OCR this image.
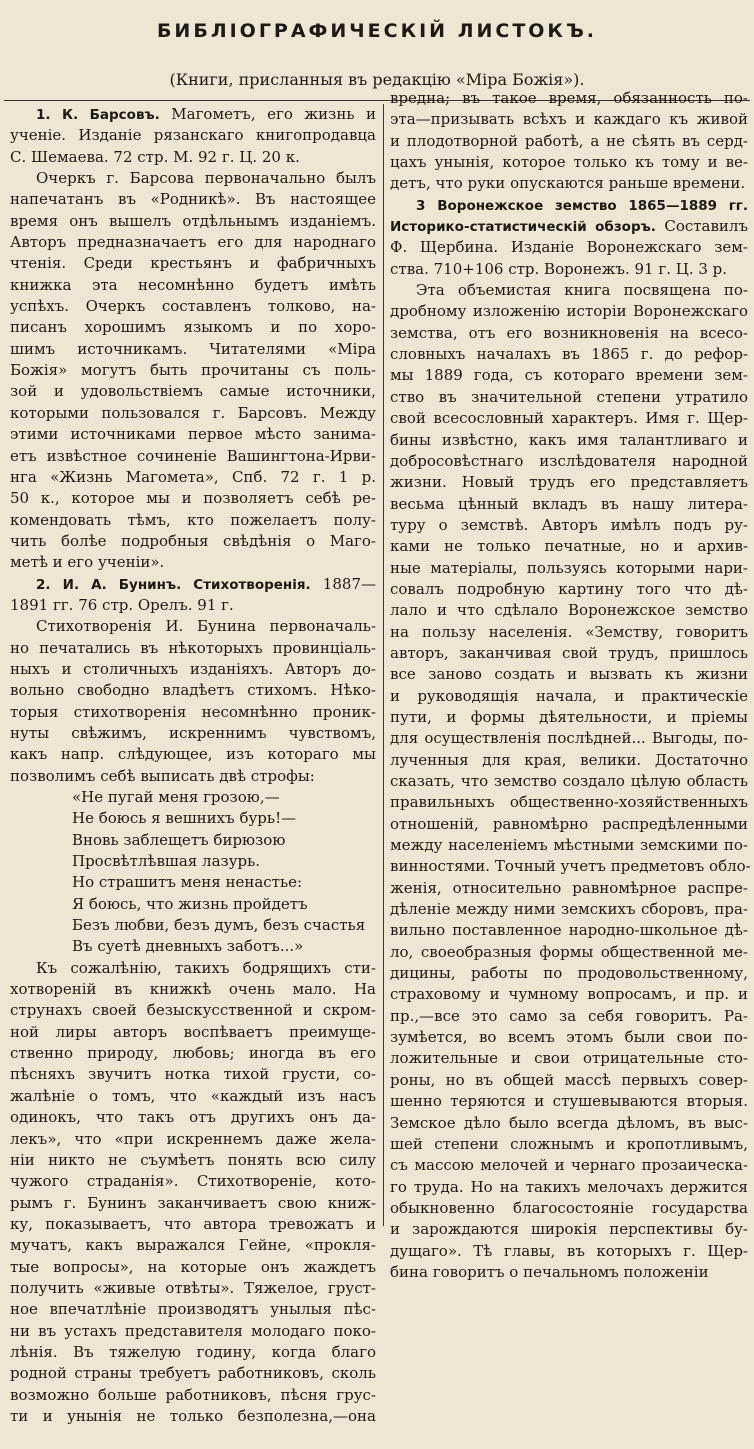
БИБЛІОГРАФИЧЕСКІЙ ЛИСТОКЪ.
(Книги, присланныя въ редакцію «Міра Божія»).
1. К. Барсовъ. Магометъ, его жизнь и
ученіе. Изданіе рязанскаго книгопродавца
С. Шемаева. 72 стр. М. 92 г. Ц. 20 к.
Очеркъ г. Барсова первоначально былъ
напечатанъ въ «Родникѣ». Въ настоящее
время онъ вышелъ отдѣльнымъ изданіемъ.
Авторъ предназначаетъ его для народнаго
чтенія. Среди крестьянъ и фабричныхъ
книжка эта несомнѣнно будетъ имѣть
успѣхъ. Очеркъ составленъ толково, на-
писанъ хорошимъ языкомъ и по хоро-
шимъ источникамъ. Читателями «Міра
Божія» могутъ быть прочитаны съ поль-
зой и удовольствіемъ самые источники,
которыми пользовался г. Барсовъ. Между
этими источниками первое мѣсто занима-
етъ извѣстное сочиненіе Вашингтона-Ирви-
нга «Жизнь Магомета», Спб. 72 г. 1 р.
50 к., которое мы и позволяетъ себѣ ре-
комендовать тѣмъ, кто пожелаетъ полу-
чить болѣе подробныя свѣдѣнія о Маго-
метѣ и его ученіи».
2. И. А. Бунинъ. Стихотворенія. 1887—
1891 гг. 76 стр. Орелъ. 91 г.
Стихотворенія И. Бунина первоначаль-
но печатались въ нѣкоторыхъ провинціаль-
ныхъ и столичныхъ изданіяхъ. Авторъ до-
вольно свободно владѣетъ стихомъ. Нѣко-
торыя стихотворенія несомнѣнно проник-
нуты свѣжимъ, искреннимъ чувствомъ,
какъ напр. слѣдующее, изъ котораго мы
позволимъ себѣ выписать двѣ строфы:
«Не пугай меня грозою,—
Не боюсь я вешнихъ бурь!—
Вновь заблещетъ бирюзою
Просвѣтлѣвшая лазурь.
Но страшитъ меня ненастье:
Я боюсь, что жизнь пройдетъ
Безъ любви, безъ думъ, безъ счастья
Въ суетѣ дневныхъ заботъ...»
Къ сожалѣнію, такихъ бодрящихъ сти-
хотвореній въ книжкѣ очень мало. На
струнахъ своей безыскусственной и скром-
ной лиры авторъ воспѣваетъ преимуще-
ственно природу, любовь; иногда въ его
пѣсняхъ звучитъ нотка тихой грусти, со-
жалѣніе о томъ, что «каждый изъ насъ
одинокъ, что такъ отъ другихъ онъ да-
лекъ», что «при искреннемъ даже желa-
ніи никто не съумѣетъ понять всю силу
чужого страданія». Стихотвореніе, кото-
рымъ г. Бунинъ заканчиваетъ свою книж-
ку, показываетъ, что автора тревожатъ и
мучатъ, какъ выражался Гейне, «прокля-
тые вопросы», на которые онъ жаждетъ
получить «живые отвѣты». Тяжелое, груст-
ное впечатлѣніе производятъ унылыя пѣс-
ни въ устахъ представителя молодаго поко-
лѣнія. Въ тяжелую годину, когда благо
родной страны требуетъ работниковъ, сколь
возможно больше работниковъ, пѣсня груc-
ти и унынія не только безполезна,—она
вредна; въ такое время, обязанность по-
эта—призывать всѣхъ и каждаго къ живой
и плодотворной работѣ, а не сѣять въ серд-
цахъ унынія, которое только къ тому и ве-
детъ, что руки опускаются раньше времени.
3 Воронежское земство 1865—1889 гг.
Историко-статистическій обзоръ. Составилъ
Ф. Щербина. Изданіе Воронежскаго зем-
ства. 710+106 стр. Воронежъ. 91 г. Ц. 3 р.
Эта объемистая книга посвящена по-
дробному изложенію исторіи Воронежскаго
земства, отъ его возникновенія на всесо-
словныхъ началахъ въ 1865 г. до рефор-
мы 1889 года, съ котораго времени зем-
ство въ значительной степени утратило
свой всесословный характеръ. Имя г. Щер-
бины извѣстно, какъ имя талантливаго и
добросовѣстнаго изслѣдователя народной
жизни. Новый трудъ его представляетъ
весьма цѣнный вкладъ въ нашу литера-
туру о земствѣ. Авторъ имѣлъ подъ ру-
ками не только печатные, но и архив-
ные матеріалы, пользуясь которыми нари-
совалъ подробную картину того что дѣ-
лало и что сдѣлало Воронежское земство
на пользу населенія. «Земству, говоритъ
авторъ, заканчивая свой трудъ, пришлось
все заново создать и вызвать къ жизни
и руководящія начала, и практическіе
пути, и формы дѣятельности, и пріемы
для осуществленія послѣдней... Выгоды, по-
лученныя для края, велики. Достаточно
сказать, что земство создало цѣлую область
правильныхъ общественно-хозяйственныхъ
отношеній, равномѣрно распредѣленными
между населеніемъ мѣстными земскими по-
винностями. Точный учетъ предметовъ обло-
женія, относительно равномѣрное распре-
дѣленіе между ними земскихъ сборовъ, пра-
вильно поставленное народно-школьное дѣ-
ло, своеобразныя формы общественной ме-
дицины, работы по продовольственному,
страховому и чумному вопросамъ, и пр. и
пр.,—все это само за себя говоритъ. Ра-
зумѣется, во всемъ этомъ были свои по-
ложительные и свои отрицательные сто-
роны, но въ общей массѣ первыхъ совер-
шенно теряются и стушевываются вторыя.
Земское дѣло было всегда дѣломъ, въ выс-
шей степени сложнымъ и кропотливымъ,
съ массою мелочей и чернаго прозаическа-
го труда. Но на такихъ мелочахъ держится
обыкновенно благосостояніе государства
и зарождаются широкія перспективы бу-
дущаго». Тѣ главы, въ которыхъ г. Щер-
бина говоритъ о печальномъ положеніи
